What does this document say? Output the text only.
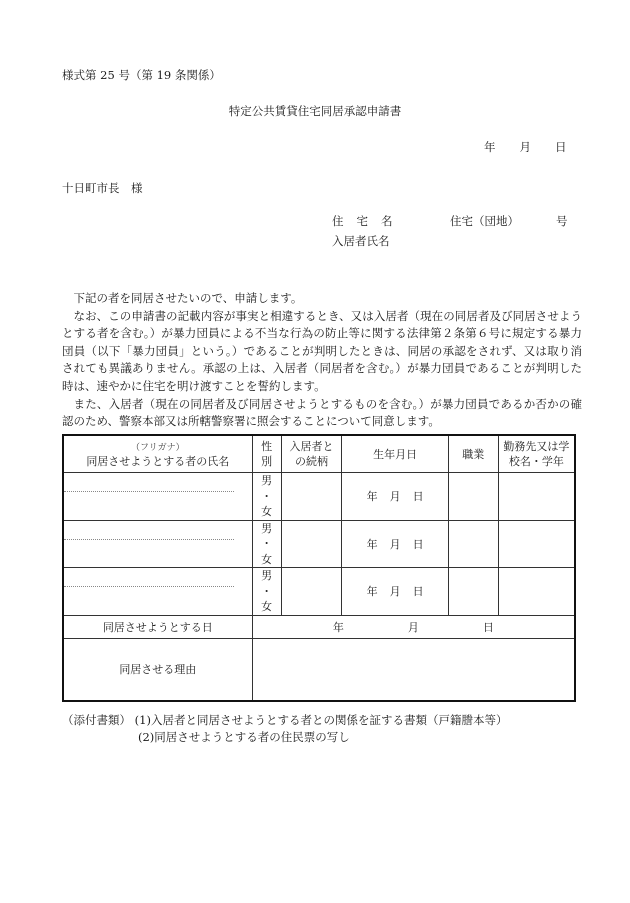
様式第 25 号（第 19 条関係）
特定公共賃貸住宅同居承認申請書
年 月 日
十日町市長　様
住宅名	住宅（団地）	号
入居者氏名

下記の者を同居させたいので、申請します。

なお、この申請書の記載内容が事実と相違するとき、又は入居者（現在の同居者及び同居させようとする者を含む。）が暴力団員による不当な行為の防止等に関する法律第２条第６号に規定する暴力団員（以下「暴力団員」という。）であることが判明したときは、同居の承認をされず、又は取り消されても異議ありません。承認の上は、入居者（同居者を含む。）が暴力団員であることが判明した時は、速やかに住宅を明け渡すことを誓約します。

また、入居者（現在の同居者及び同居させようとするものを含む。）が暴力団員であるか否かの確認のため、警察本部又は所轄警察署に照会することについて同意します。

（フリガナ）
同居させようとする者の氏名	性別	入居者との続柄	生年月日	職業	勤務先又は学校名・学年

	男
・
女		年 月 日		

	男
・
女		年 月 日		

	男
・
女		年 月 日		
同居させようとする日	年 月 日				
同居させる理由					
（添付書類） (1)入居者と同居させようとする者との関係を証する書類（戸籍謄本等）
(2)同居させようとする者の住民票の写し
